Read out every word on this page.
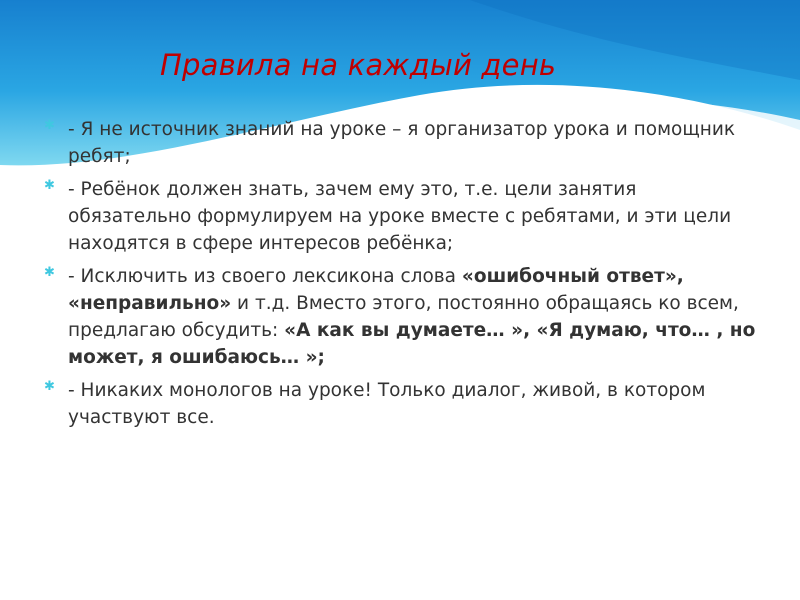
Правила на каждый день
✱ - Я не источник знаний на уроке – я организатор урока и помощник ребят;
✱ - Ребёнок должен знать, зачем ему это, т.е. цели занятия обязательно формулируем на уроке вместе с ребятами, и эти цели находятся в сфере интересов ребёнка;
✱ - Исключить из своего лексикона слова «ошибочный ответ», «неправильно» и т.д. Вместо этого, постоянно обращаясь ко всем, предлагаю обсудить: «А как вы думаете… », «Я думаю, что… , но может, я ошибаюсь… »;
✱ - Никаких монологов на уроке! Только диалог, живой, в котором участвуют все.
